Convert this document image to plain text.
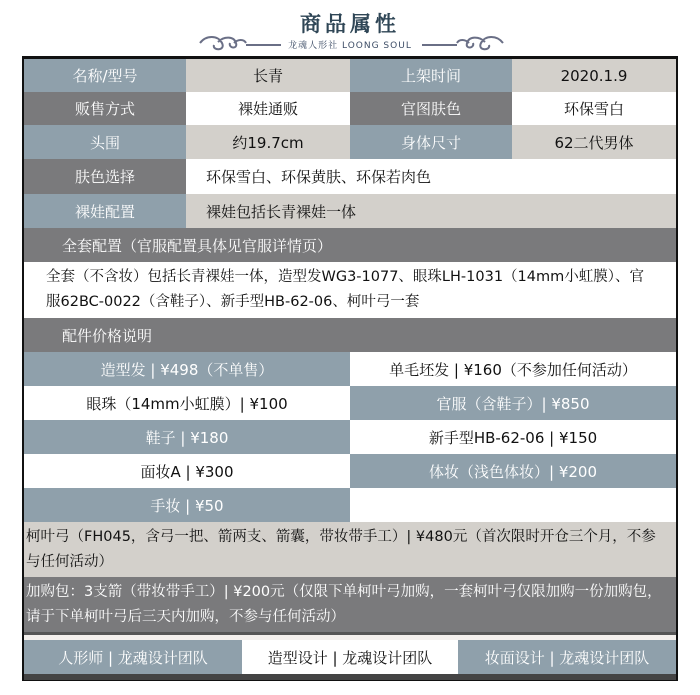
商品属性
龙魂人形社 LOONG SOUL
名称/型号	长青	上架时间	2020.1.9
贩售方式	裸娃通贩	官图肤色	环保雪白
头围	约19.7cm	身体尺寸	62二代男体
肤色选择	环保雪白、环保黄肤、环保若肉色
裸娃配置	裸娃包括长青裸娃一体
全套配置（官服配置具体见官服详情页）
全套（不含妆）包括长青裸娃一体，造型发WG3-1077、眼珠LH-1031（14mm小虹膜）、官服62BC-0022（含鞋子）、新手型HB-62-06、柯叶弓一套
配件价格说明
造型发 | ¥498（不单售）	单毛坯发 | ¥160（不参加任何活动）
眼珠（14mm小虹膜）| ¥100	官服（含鞋子）| ¥850
鞋子 | ¥180	新手型HB-62-06 | ¥150
面妆A | ¥300	体妆（浅色体妆）| ¥200
手妆 | ¥50
柯叶弓（FH045，含弓一把、箭两支、箭囊，带妆带手工）| ¥480元（首次限时开仓三个月，不参与任何活动）
加购包：3支箭（带妆带手工）| ¥200元（仅限下单柯叶弓加购，一套柯叶弓仅限加购一份加购包，请于下单柯叶弓后三天内加购，不参与任何活动）
人形师 | 龙魂设计团队	造型设计 | 龙魂设计团队	妆面设计 | 龙魂设计团队
